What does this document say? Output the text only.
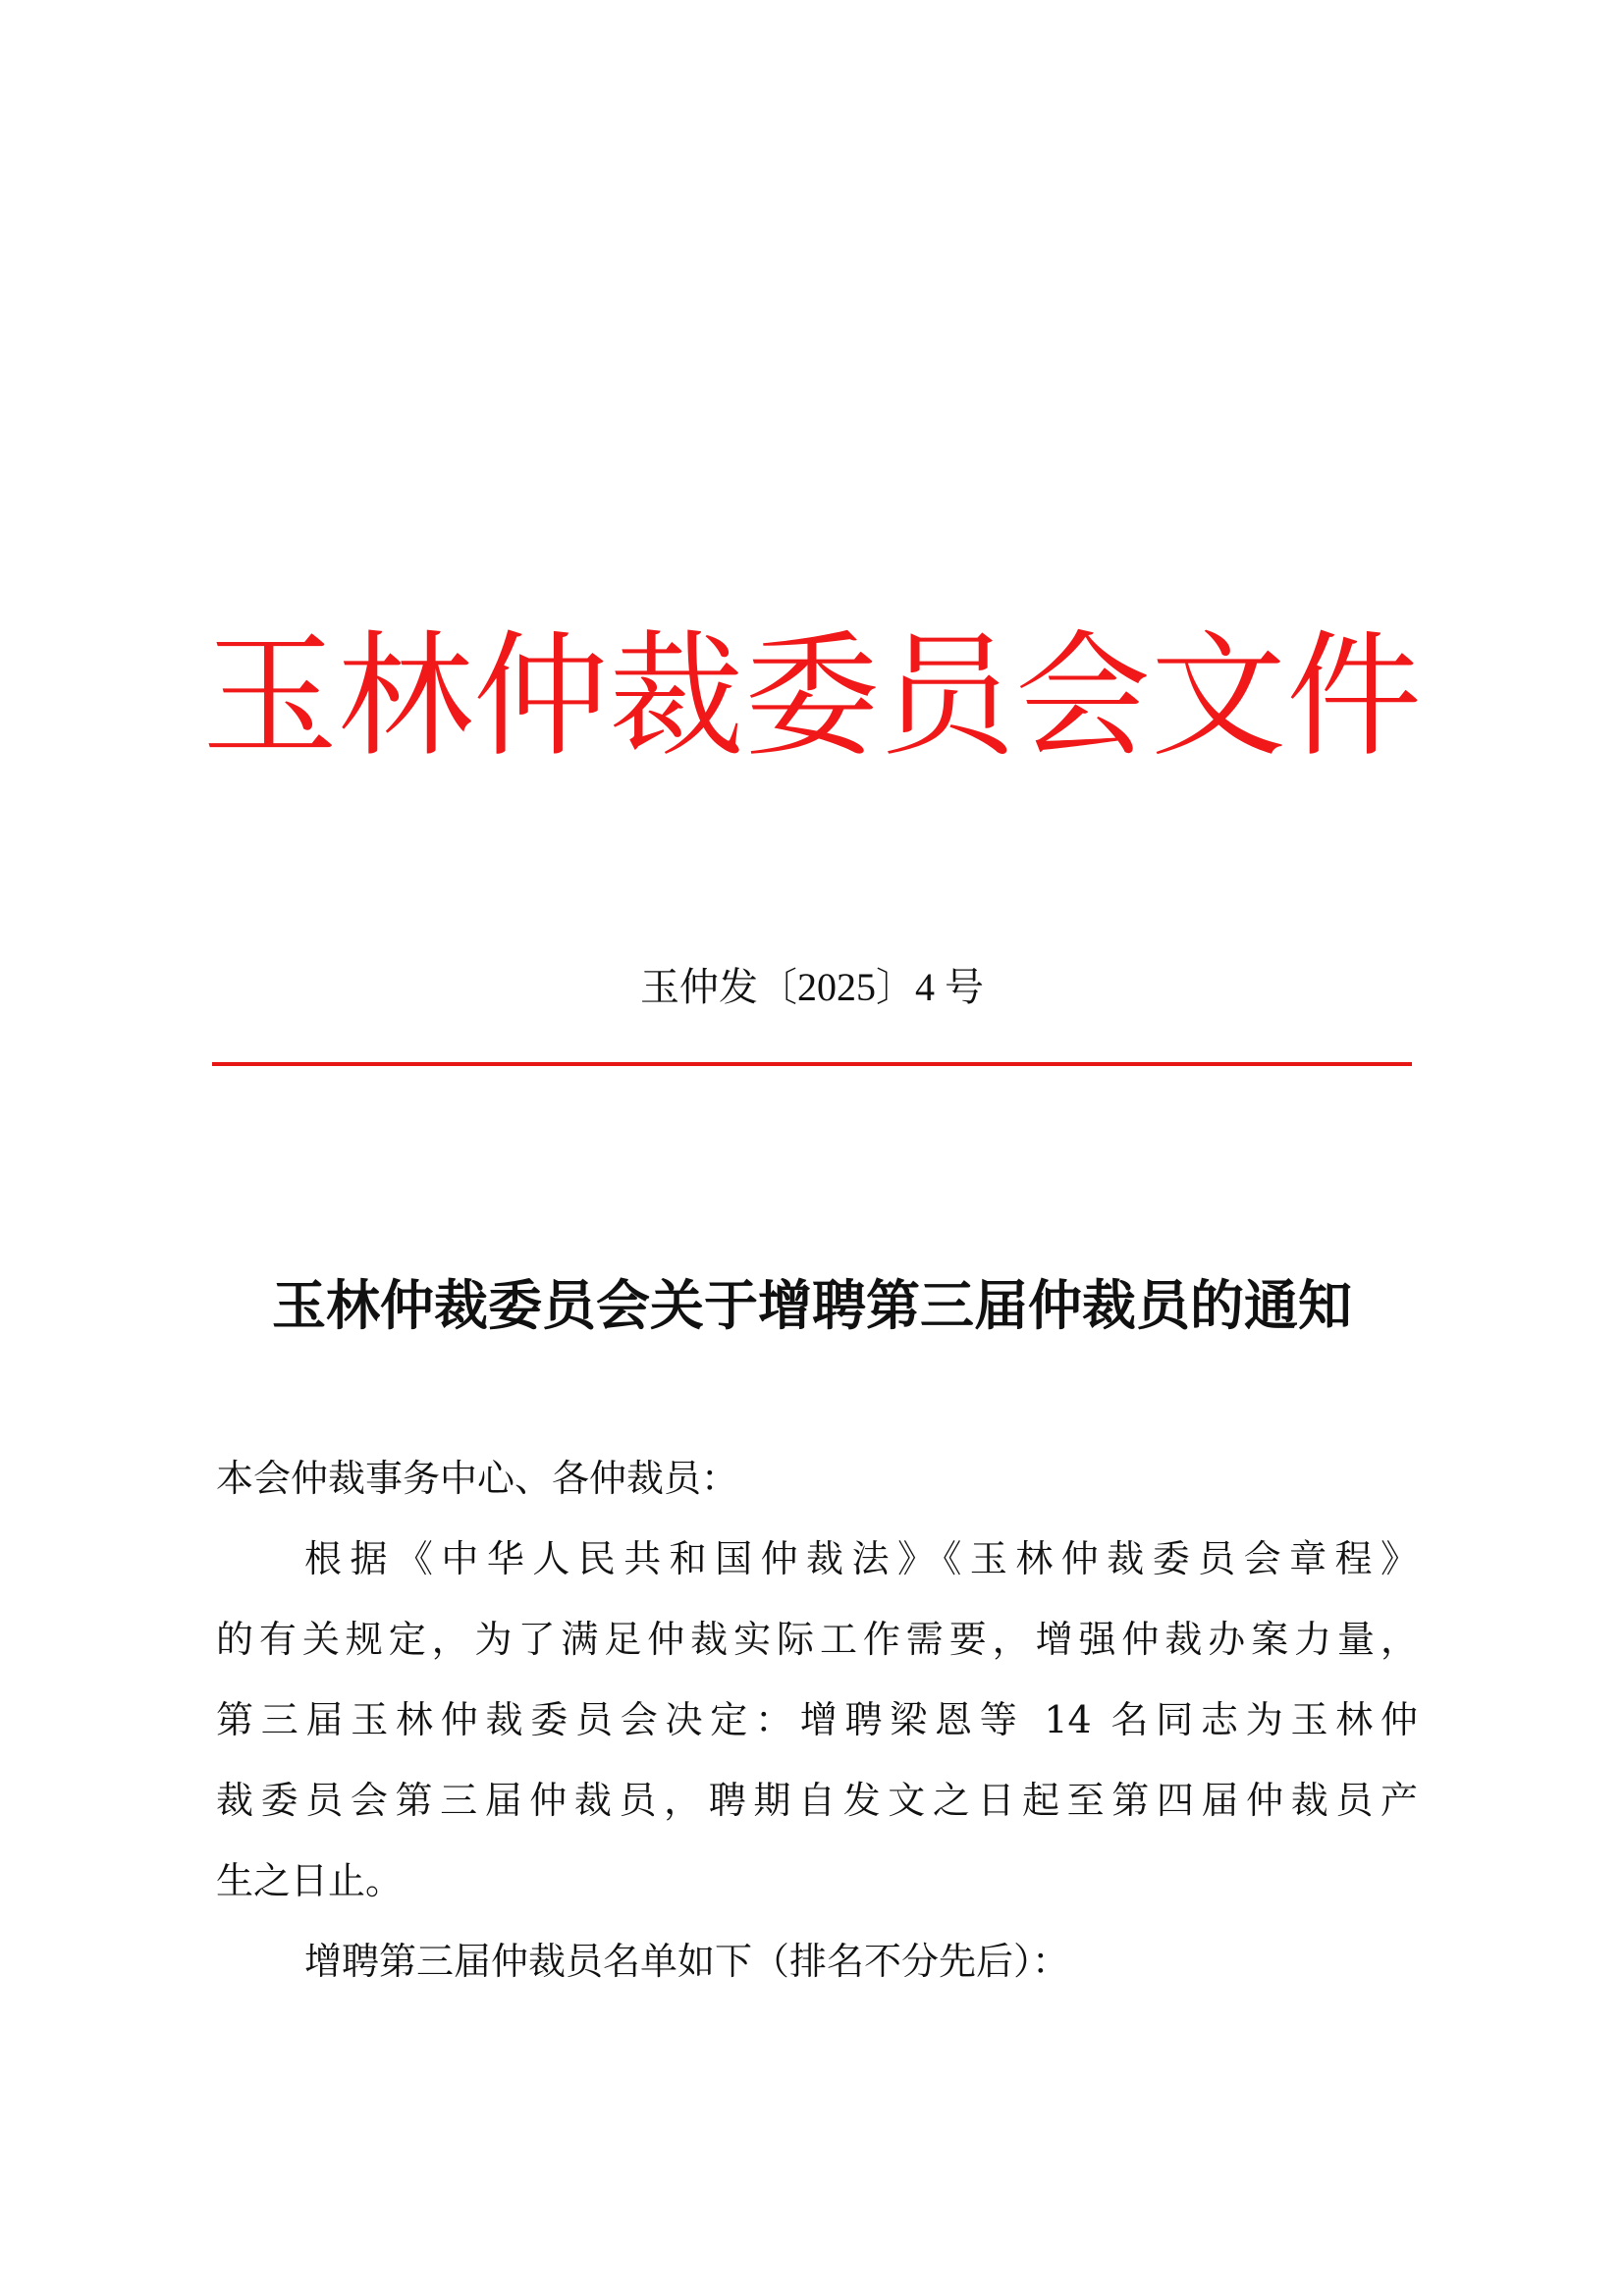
玉林仲裁委员会文件
玉仲发〔2025〕4 号
玉林仲裁委员会关于增聘第三届仲裁员的通知
本会仲裁事务中心、各仲裁员：
根据《中华人民共和国仲裁法》《玉林仲裁委员会章程》
的有关规定，为了满足仲裁实际工作需要，增强仲裁办案力量，
第三届玉林仲裁委员会决定：增聘梁恩等 14 名同志为玉林仲
裁委员会第三届仲裁员，聘期自发文之日起至第四届仲裁员产
生之日止。
增聘第三届仲裁员名单如下（排名不分先后）：
